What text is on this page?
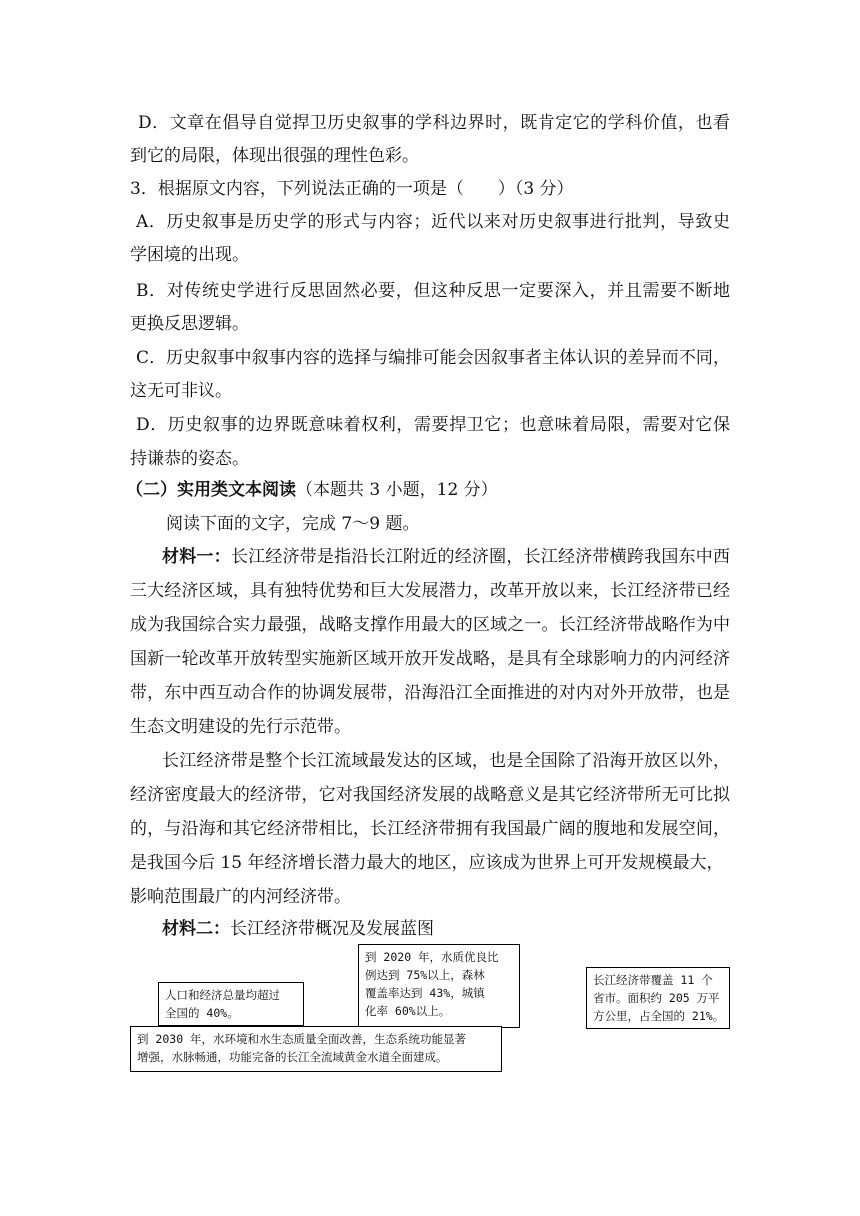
D．文章在倡导自觉捍卫历史叙事的学科边界时，既肯定它的学科价值，也看
到它的局限，体现出很强的理性色彩。
3．根据原文内容，下列说法正确的一项是（　　）（3 分）
A．历史叙事是历史学的形式与内容；近代以来对历史叙事进行批判，导致史
学困境的出现。
B．对传统史学进行反思固然必要，但这种反思一定要深入，并且需要不断地
更换反思逻辑。
C．历史叙事中叙事内容的选择与编排可能会因叙事者主体认识的差异而不同，
这无可非议。
D．历史叙事的边界既意味着权利，需要捍卫它；也意味着局限，需要对它保
持谦恭的姿态。
（二）实用类文本阅读（本题共 3 小题，12 分）
阅读下面的文字，完成 7～9 题。
材料一：长江经济带是指沿长江附近的经济圈，长江经济带横跨我国东中西
三大经济区域，具有独特优势和巨大发展潜力，改革开放以来，长江经济带已经
成为我国综合实力最强，战略支撑作用最大的区域之一。长江经济带战略作为中
国新一轮改革开放转型实施新区域开放开发战略，是具有全球影响力的内河经济
带，东中西互动合作的协调发展带，沿海沿江全面推进的对内对外开放带，也是
生态文明建设的先行示范带。
长江经济带是整个长江流域最发达的区域，也是全国除了沿海开放区以外，
经济密度最大的经济带，它对我国经济发展的战略意义是其它经济带所无可比拟
的，与沿海和其它经济带相比，长江经济带拥有我国最广阔的腹地和发展空间，
是我国今后 15 年经济增长潜力最大的地区，应该成为世界上可开发规模最大，
影响范围最广的内河经济带。
材料二：长江经济带概况及发展蓝图
到 2020 年，水质优良比
例达到 75%以上，森林
覆盖率达到 43%，城镇
化率 60%以上。
长江经济带覆盖 11 个
省市。面积约 205 万平
方公里，占全国的 21%。
人口和经济总量均超过
全国的 40%。
到 2030 年，水环境和水生态质量全面改善，生态系统功能显著
增强，水脉畅通，功能完备的长江全流域黄金水道全面建成。
